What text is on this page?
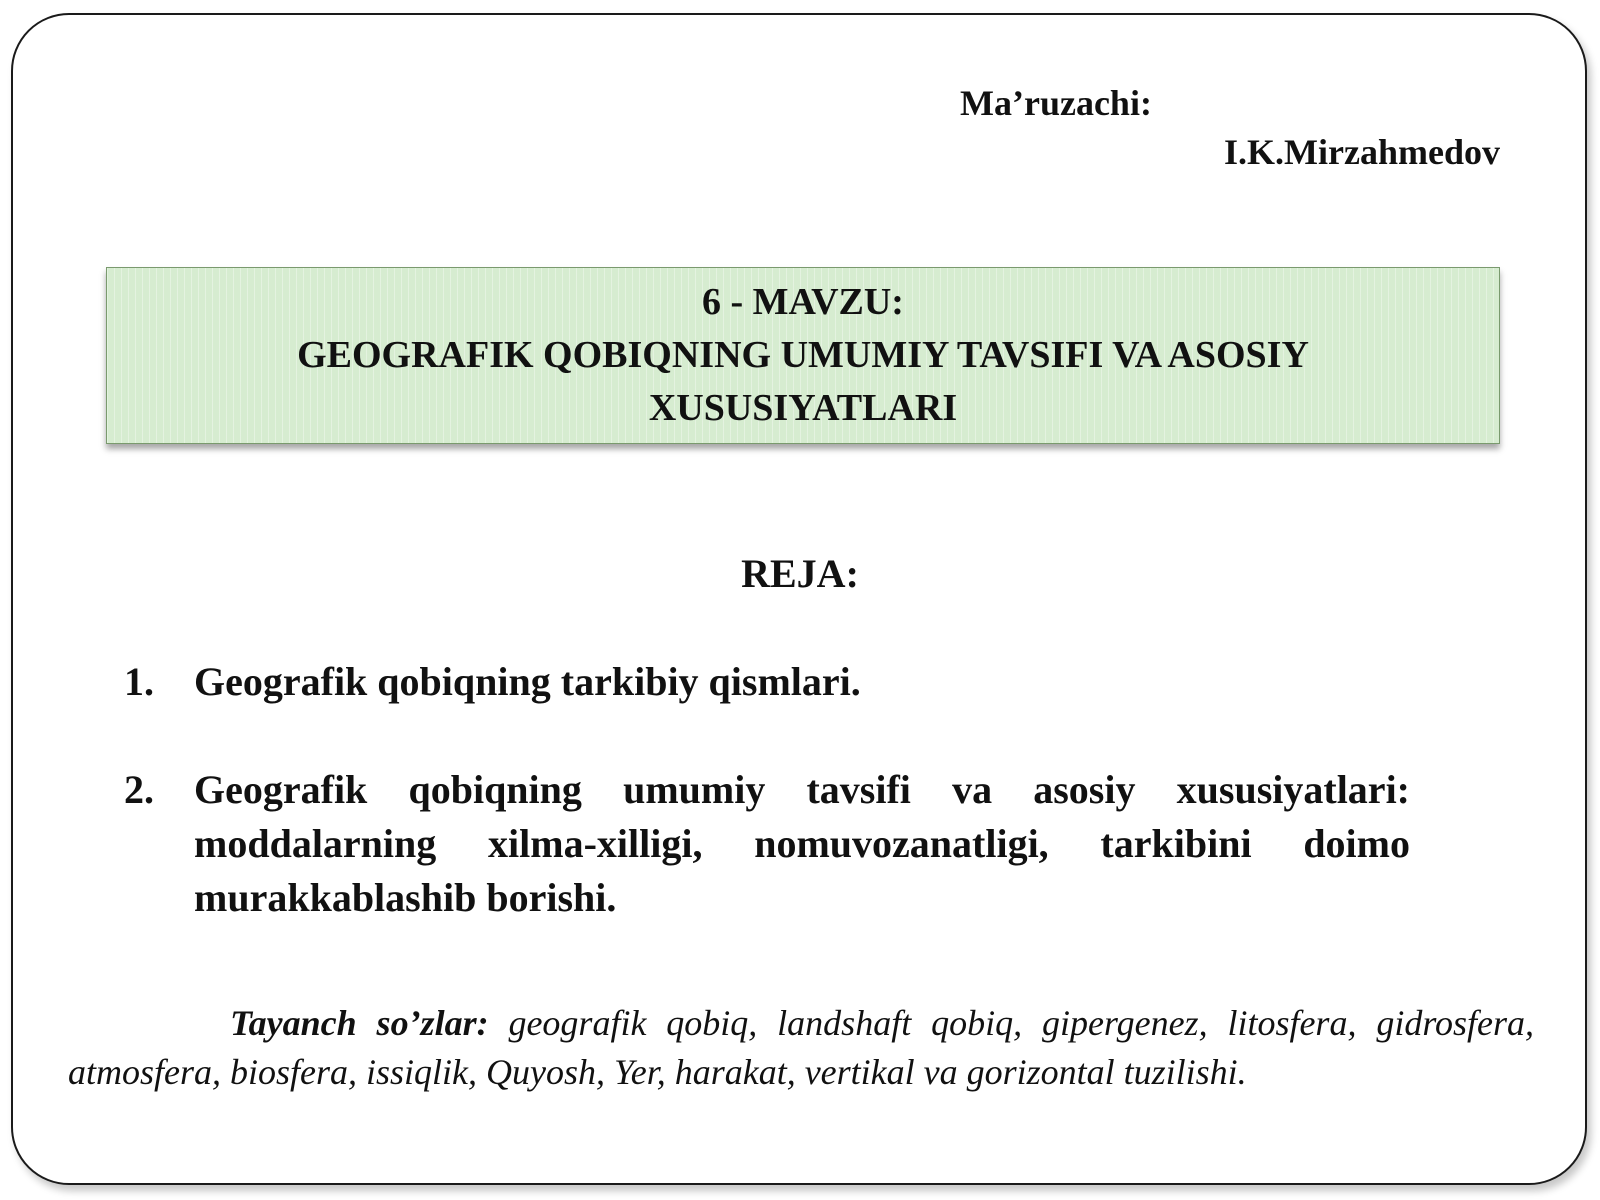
Ma’ruzachi:
I.K.Mirzahmedov
6 - MAVZU:
GEOGRAFIK QOBIQNING UMUMIY TAVSIFI VA ASOSIY XUSUSIYATLARI
REJA:
1.	Geografik qobiqning tarkibiy qismlari.
2.	Geografik qobiqning umumiy tavsifi va asosiy xususiyatlari: moddalarning xilma-xilligi, nomuvozanatligi, tarkibini doimo murakkablashib borishi.
Tayanch so’zlar: geografik qobiq, landshaft qobiq, gipergenez, litosfera, gidrosfera, atmosfera, biosfera, issiqlik, Quyosh, Yer, harakat, vertikal va gorizontal tuzilishi.
